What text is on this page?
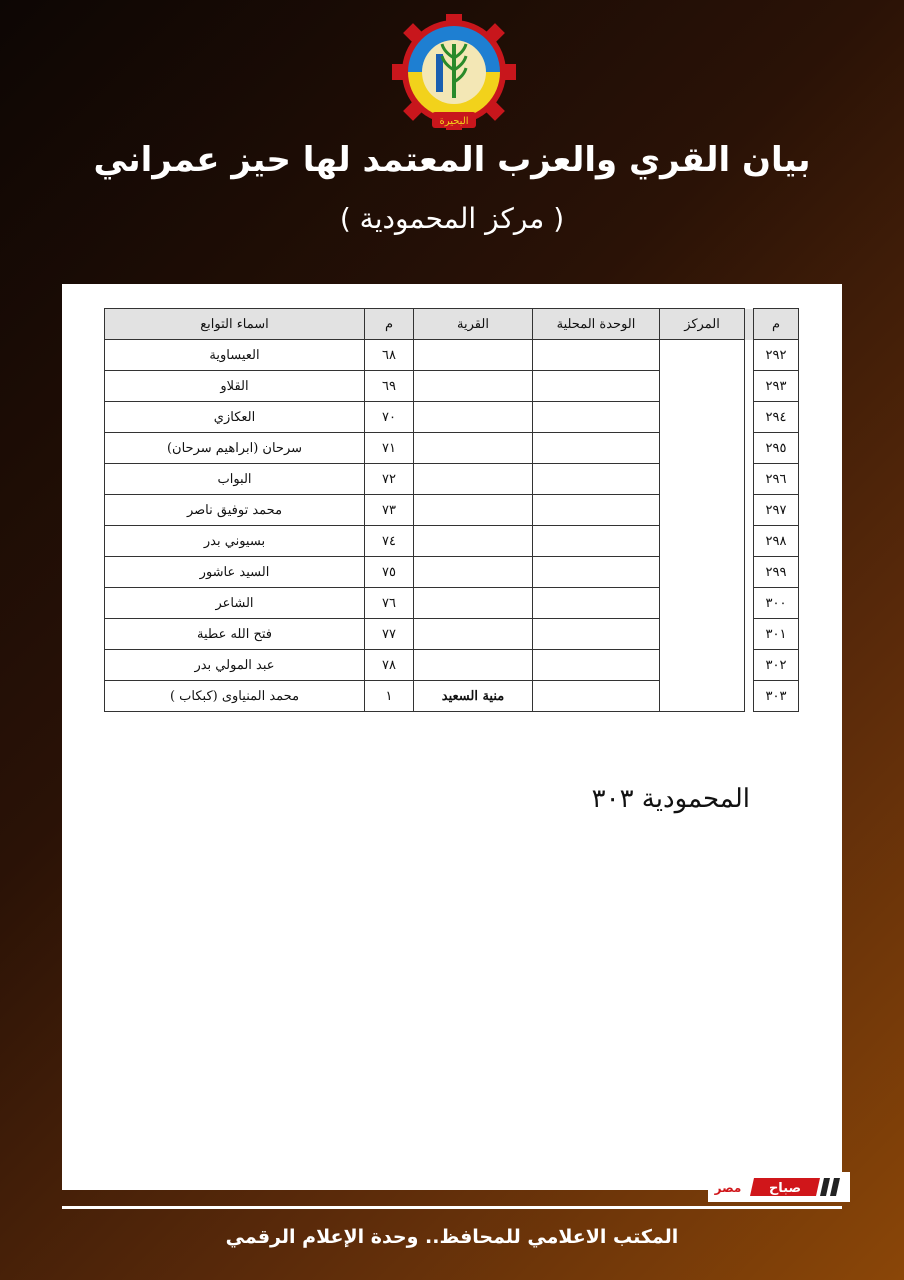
البحيرة
بيان القري والعزب المعتمد لها حيز عمراني
( مركز المحمودية )
م		المركز	الوحدة المحلية	القرية	م	اسماء التوابع
٢٩٢					٦٨	العيساوية
٢٩٣					٦٩	القلاو
٢٩٤					٧٠	العكازي
٢٩٥					٧١	سرحان (ابراهيم سرحان)
٢٩٦					٧٢	البواب
٢٩٧					٧٣	محمد توفيق ناصر
٢٩٨					٧٤	بسيوني بدر
٢٩٩					٧٥	السيد عاشور
٣٠٠					٧٦	الشاعر
٣٠١					٧٧	فتح الله عطية
٣٠٢					٧٨	عبد المولي بدر
٣٠٣				منية السعيد	١	محمد المنياوى (كبكاب )
المحمودية ٣٠٣
صباح
مصر
المكتب الاعلامي للمحافظ.. وحدة الإعلام الرقمي
